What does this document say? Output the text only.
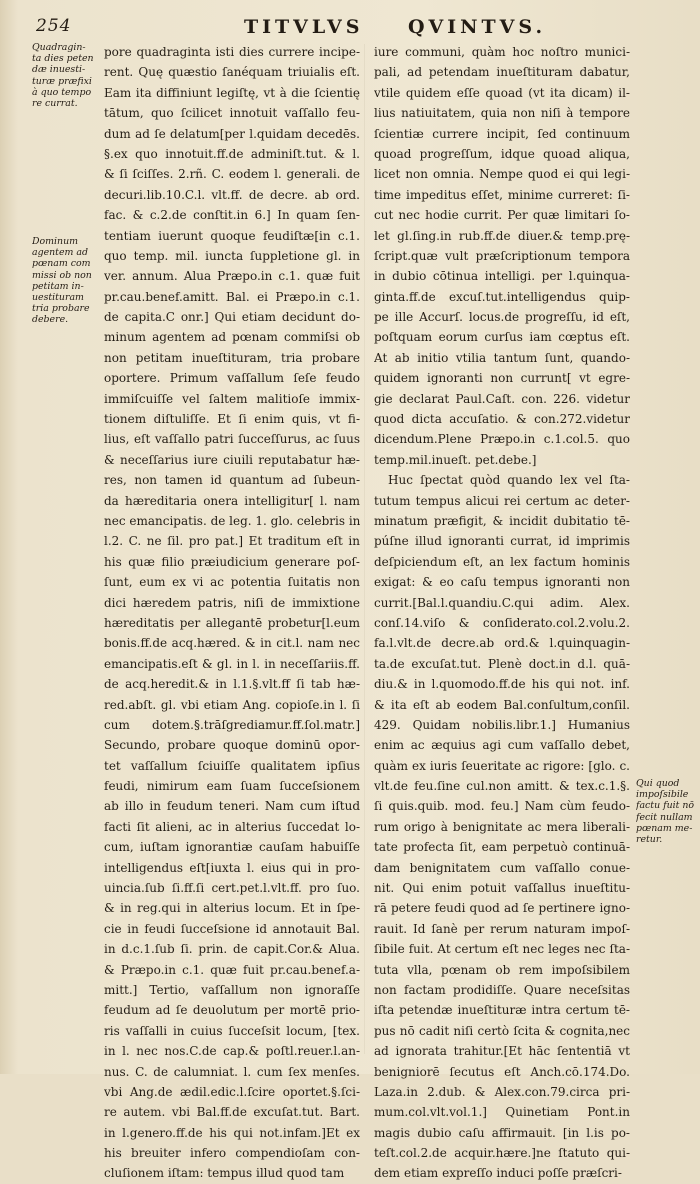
254	TITVLVS QVINTVS.
Quadragin-
ta dies peten
dæ inuesti-
turæ præfixi
à quo tempo
re currat.
Dominum
agentem ad
pœnam com
missi ob non
petitam in-
uestituram
tria probare
debere.
Qui quod
impoſsibile
factu fuit nō
fecit nullam
pœnam me-
retur.
pore quadraginta isti dies currere incipe-
rent. Quę quæstio ſanéquam triuialis eſt.
Eam ita diffiniunt legiſtę, vt à die ſcientię
tātum, quo ſcilicet innotuit vaſſallo feu-
dum ad ſe delatum[per l.quidam decedēs.
§.ex quo innotuit.ff.de adminiſt.tut. & l.
& ſi ſciſſes. 2.rñ. C. eodem l. generali. de
decuri.lib.10.C.l. vlt.ff. de decre. ab ord.
fac. & c.2.de conſtit.in 6.] In quam ſen-
tentiam iuerunt quoque feudiſtæ[in c.1.
quo temp. mil. iuncta ſuppletione gl. in
ver. annum. Alua Præpo.in c.1. quæ fuit
pr.cau.benef.amitt. Bal. ei Præpo.in c.1.
de capita.C onr.] Qui etiam decidunt do-
minum agentem ad pœnam commiſsi ob
non petitam inueſtituram, tria probare
oportere. Primum vaſſallum ſeſe feudo
immiſcuiſſe vel ſaltem malitioſe immix-
tionem diſtuliſſe. Et ſi enim quis, vt fi-
lius, eſt vaſſallo patri ſucceſſurus, ac ſuus
& neceſſarius iure ciuili reputabatur hæ-
res, non tamen id quantum ad ſubeun-
da hæreditaria onera intelligitur[ l. nam
nec emancipatis. de leg. 1. glo. celebris in
l.2. C. ne ſil. pro pat.] Et traditum eſt in
his quæ filio præiudicium generare poſ-
ſunt, eum ex vi ac potentia ſuitatis non
dici hæredem patris, niſi de immixtione
hæreditatis per allegantē probetur[l.eum
bonis.ff.de acq.hæred. & in cit.l. nam nec
emancipatis.eſt & gl. in l. in neceſſariis.ff.
de acq.heredit.& in l.1.§.vlt.ff ſi tab hæ-
red.abſt. gl. vbi etiam Ang. copioſe.in l. ſi
cum dotem.§.trāſgrediamur.ff.ſol.matr.]
Secundo, probare quoque dominū opor-
tet vaſſallum ſciuiſſe qualitatem ipſius
feudi, nimirum eam ſuam ſucceſsionem
ab illo in feudum teneri. Nam cum iſtud
facti ſit alieni, ac in alterius ſuccedat lo-
cum, iuſtam ignorantiæ cauſam habuiſſe
intelligendus eſt[iuxta l. eius qui in pro-
uincia.ſub ſi.ff.ſi cert.pet.l.vlt.ff. pro ſuo.
& in reg.qui in alterius locum. Et in ſpe-
cie in feudi ſucceſsione id annotauit Bal.
in d.c.1.ſub ſi. prin. de capit.Cor.& Alua.
& Præpo.in c.1. quæ fuit pr.cau.benef.a-
mitt.] Tertio, vaſſallum non ignoraſſe
feudum ad ſe deuolutum per mortē prio-
ris vaſſalli in cuius ſucceſsit locum, [tex.
in l. nec nos.C.de cap.& poſtl.reuer.l.an-
nus. C. de calumniat. l. cum ſex menſes.
vbi Ang.de ædil.edic.l.ſcire oportet.§.ſci-
re autem. vbi Bal.ff.de excuſat.tut. Bart.
in l.genero.ff.de his qui not.infam.]Et ex
his breuiter infero compendioſam con-
cluſionem iſtam: tempus illud quod tam
iure communi, quàm hoc noſtro munici-
pali, ad petendam inueſtituram dabatur,
vtile quidem eſſe quoad (vt ita dicam) il-
lius natiuitatem, quia non niſi à tempore
ſcientiæ currere incipit, ſed continuum
quoad progreſſum, idque quoad aliqua,
licet non omnia. Nempe quod ei qui legi-
time impeditus eſſet, minime curreret: ſi-
cut nec hodie currit. Per quæ limitari ſo-
let gl.ſing.in rub.ff.de diuer.& temp.prę-
ſcript.quæ vult præſcriptionum tempora
in dubio cōtinua intelligi. per l.quinqua-
ginta.ff.de excuſ.tut.intelligendus quip-
pe ille Accurſ. locus.de progreſſu, id eſt,
poſtquam eorum curſus iam cœptus eſt.
At ab initio vtilia tantum ſunt, quando-
quidem ignoranti non currunt[ vt egre-
gie declarat Paul.Caſt. con. 226. videtur
quod dicta accuſatio. & con.272.videtur
dicendum.Plene Præpo.in c.1.col.5. quo
temp.mil.inueſt. pet.debe.]
Huc ſpectat quòd quando lex vel ſta-
tutum tempus alicui rei certum ac deter-
minatum præfigit, & incidit dubitatio tē-
púſne illud ignoranti currat, id imprimis
deſpiciendum eſt, an lex factum hominis
exigat: & eo caſu tempus ignoranti non
currit.[Bal.l.quandiu.C.qui adim. Alex.
conſ.14.viſo & conſiderato.col.2.volu.2.
fa.l.vlt.de decre.ab ord.& l.quinquagin-
ta.de excuſat.tut. Plenè doct.in d.l. quā-
diu.& in l.quomodo.ff.de his qui not. inf.
& ita eſt ab eodem Bal.conſultum,conſil.
429. Quidam nobilis.libr.1.] Humanius
enim ac æquius agi cum vaſſallo debet,
quàm ex iuris ſeueritate ac rigore: [glo. c.
vlt.de feu.ſine cul.non amitt. & tex.c.1.§.
ſi quis.quib. mod. feu.] Nam cùm feudo-
rum origo à benignitate ac mera liberali-
tate profecta ſit, eam perpetuò continuā-
dam benignitatem cum vaſſallo conue-
nit. Qui enim potuit vaſſallus inueſtitu-
rā petere feudi quod ad ſe pertinere igno-
rauit. Id ſanè per rerum naturam impoſ-
ſibile fuit. At certum eſt nec leges nec ſta-
tuta vlla, pœnam ob rem impoſsibilem
non factam prodidiſſe. Quare neceſsitas
iſta petendæ inueſtituræ intra certum tē-
pus nō cadit niſi certò ſcita & cognita,nec
ad ignorata trahitur.[Et hāc ſententiā vt
benigniorē ſecutus eſt Anch.cō.174.Do.
Laza.in 2.dub. & Alex.con.79.circa pri-
mum.col.vlt.vol.1.] Quinetiam Pont.in
magis dubio caſu affirmauit. [in l.is po-
teſt.col.2.de acquir.hære.]ne ſtatuto qui-
dem etiam expreſſo induci poſſe præſcri-
